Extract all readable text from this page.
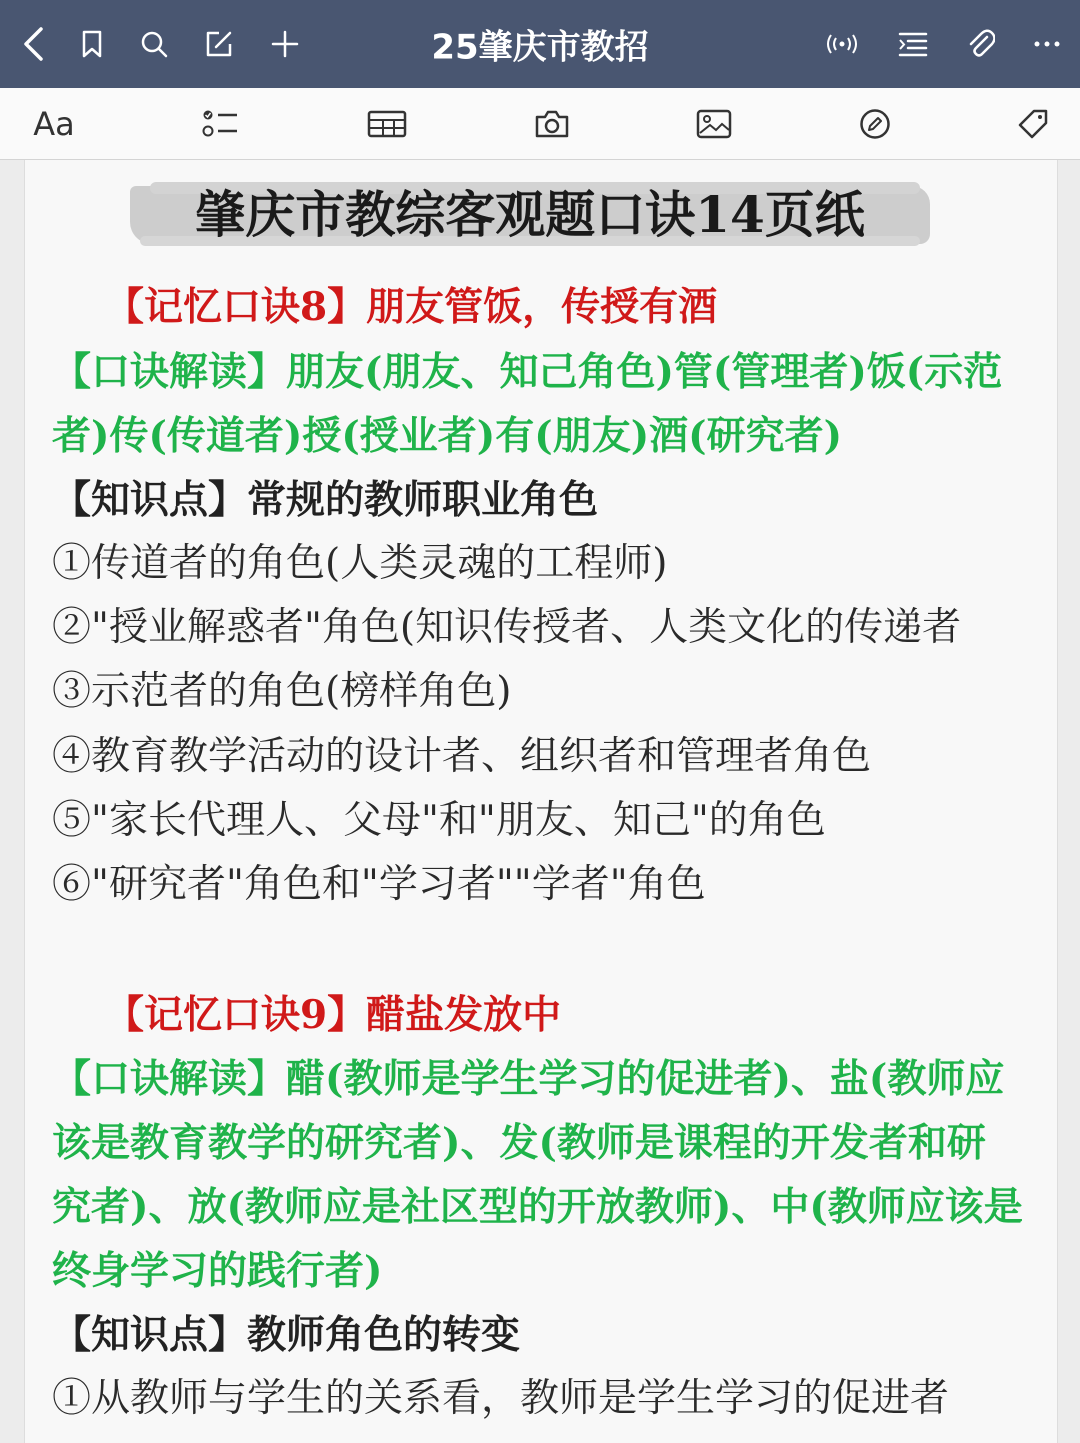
25肇庆市教招
Aa
肇庆市教综客观题口诀14页纸
【记忆口诀8】朋友管饭，传授有酒
【口诀解读】朋友(朋友、知己角色)管(管理者)饭(示范
者)传(传道者)授(授业者)有(朋友)酒(研究者)
【知识点】常规的教师职业角色
①传道者的角色(人类灵魂的工程师)
②"授业解惑者"角色(知识传授者、人类文化的传递者
③示范者的角色(榜样角色)
④教育教学活动的设计者、组织者和管理者角色
⑤"家长代理人、父母"和"朋友、知己"的角色
⑥"研究者"角色和"学习者""学者"角色
【记忆口诀9】醋盐发放中
【口诀解读】醋(教师是学生学习的促进者)、盐(教师应
该是教育教学的研究者)、发(教师是课程的开发者和研
究者)、放(教师应是社区型的开放教师)、中(教师应该是
终身学习的践行者)
【知识点】教师角色的转变
①从教师与学生的关系看，教师是学生学习的促进者
